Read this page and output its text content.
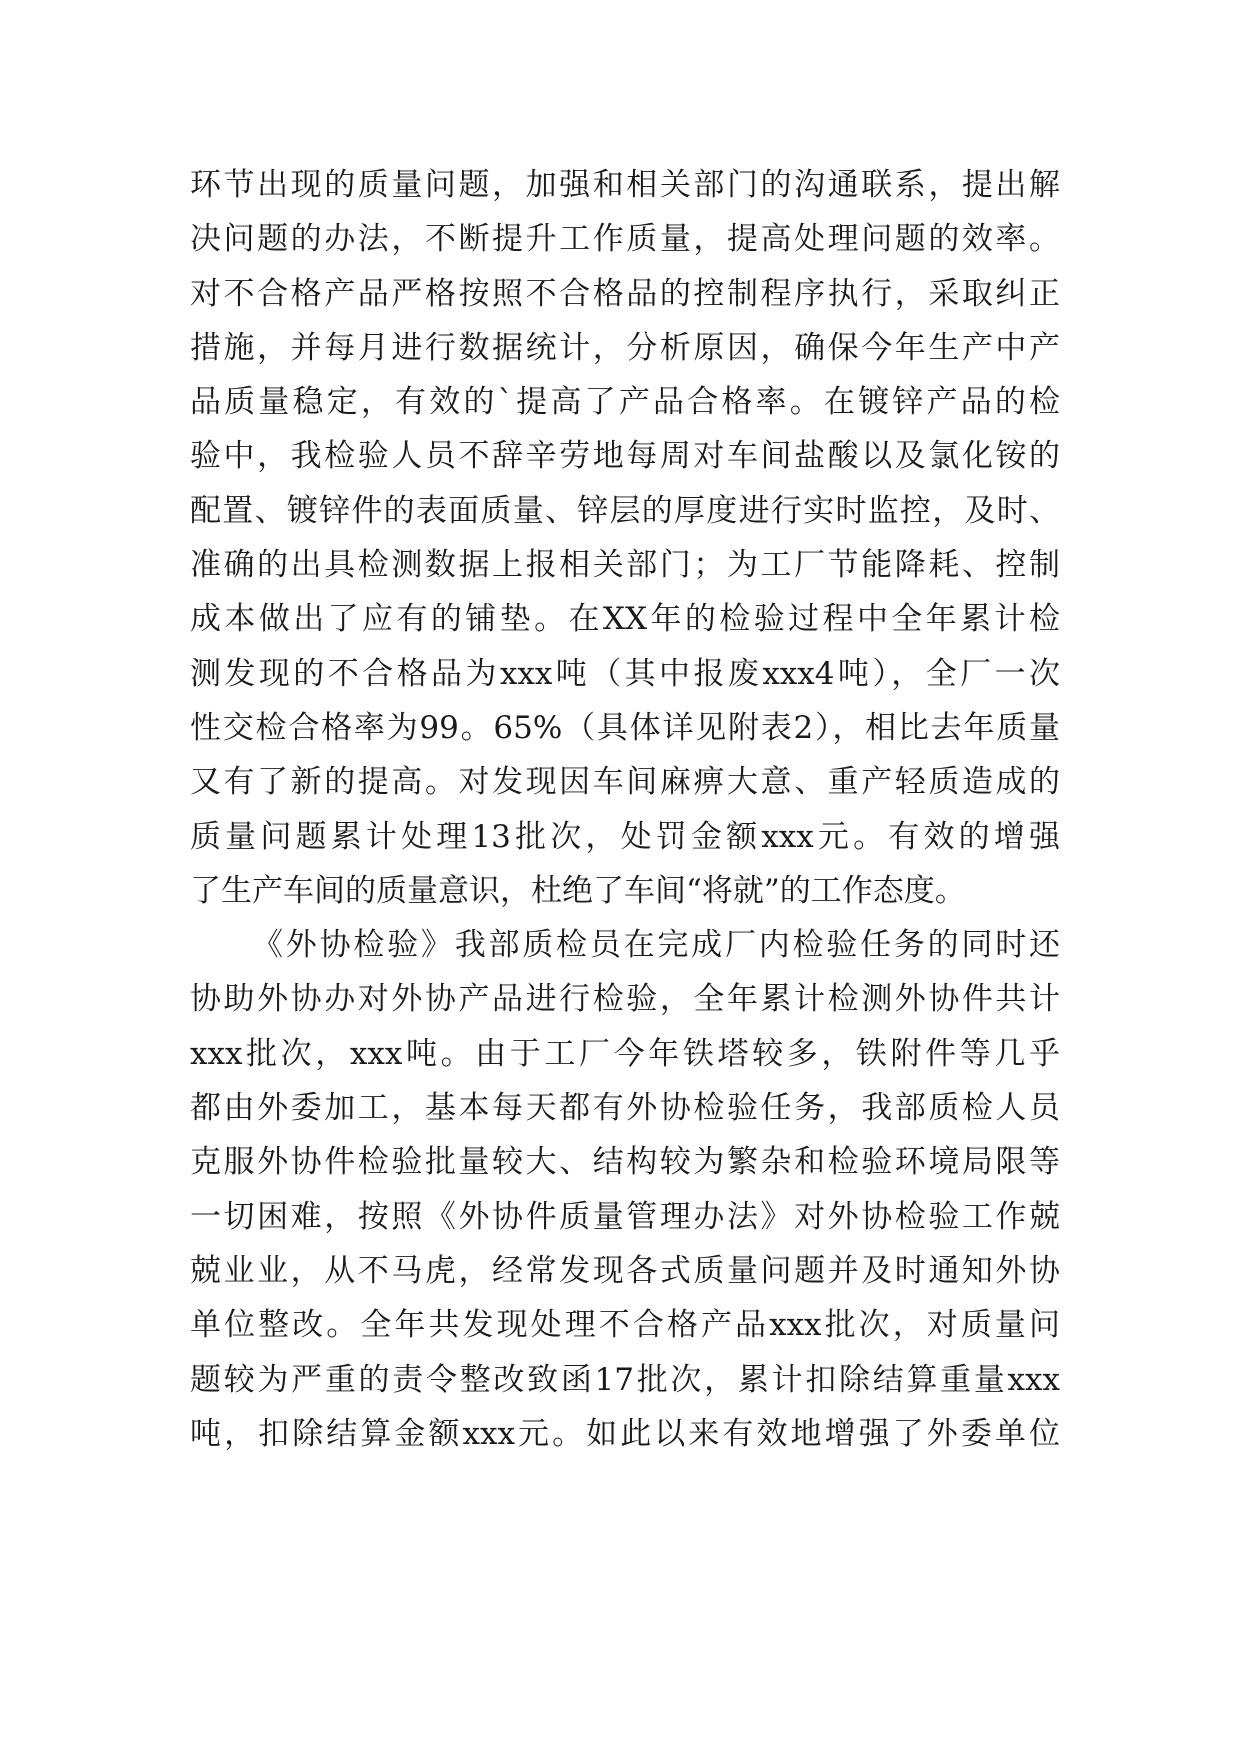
环节出现的质量问题，加强和相关部门的沟通联系，提出解
决问题的办法，不断提升工作质量，提高处理问题的效率。
对不合格产品严格按照不合格品的控制程序执行，采取纠正
措施，并每月进行数据统计，分析原因，确保今年生产中产
品质量稳定，有效的`提高了产品合格率。在镀锌产品的检
验中，我检验人员不辞辛劳地每周对车间盐酸以及氯化铵的
配置、镀锌件的表面质量、锌层的厚度进行实时监控，及时、
准确的出具检测数据上报相关部门；为工厂节能降耗、控制
成本做出了应有的铺垫。在XX年的检验过程中全年累计检
测发现的不合格品为xxx吨（其中报废xxx4吨），全厂一次
性交检合格率为99。65%（具体详见附表2），相比去年质量
又有了新的提高。对发现因车间麻痹大意、重产轻质造成的
质量问题累计处理13批次，处罚金额xxx元。有效的增强
了生产车间的质量意识，杜绝了车间“将就”的工作态度。
《外协检验》我部质检员在完成厂内检验任务的同时还
协助外协办对外协产品进行检验，全年累计检测外协件共计
xxx批次，xxx吨。由于工厂今年铁塔较多，铁附件等几乎
都由外委加工，基本每天都有外协检验任务，我部质检人员
克服外协件检验批量较大、结构较为繁杂和检验环境局限等
一切困难，按照《外协件质量管理办法》对外协检验工作兢
兢业业，从不马虎，经常发现各式质量问题并及时通知外协
单位整改。全年共发现处理不合格产品xxx批次，对质量问
题较为严重的责令整改致函17批次，累计扣除结算重量xxx
吨，扣除结算金额xxx元。如此以来有效地增强了外委单位
